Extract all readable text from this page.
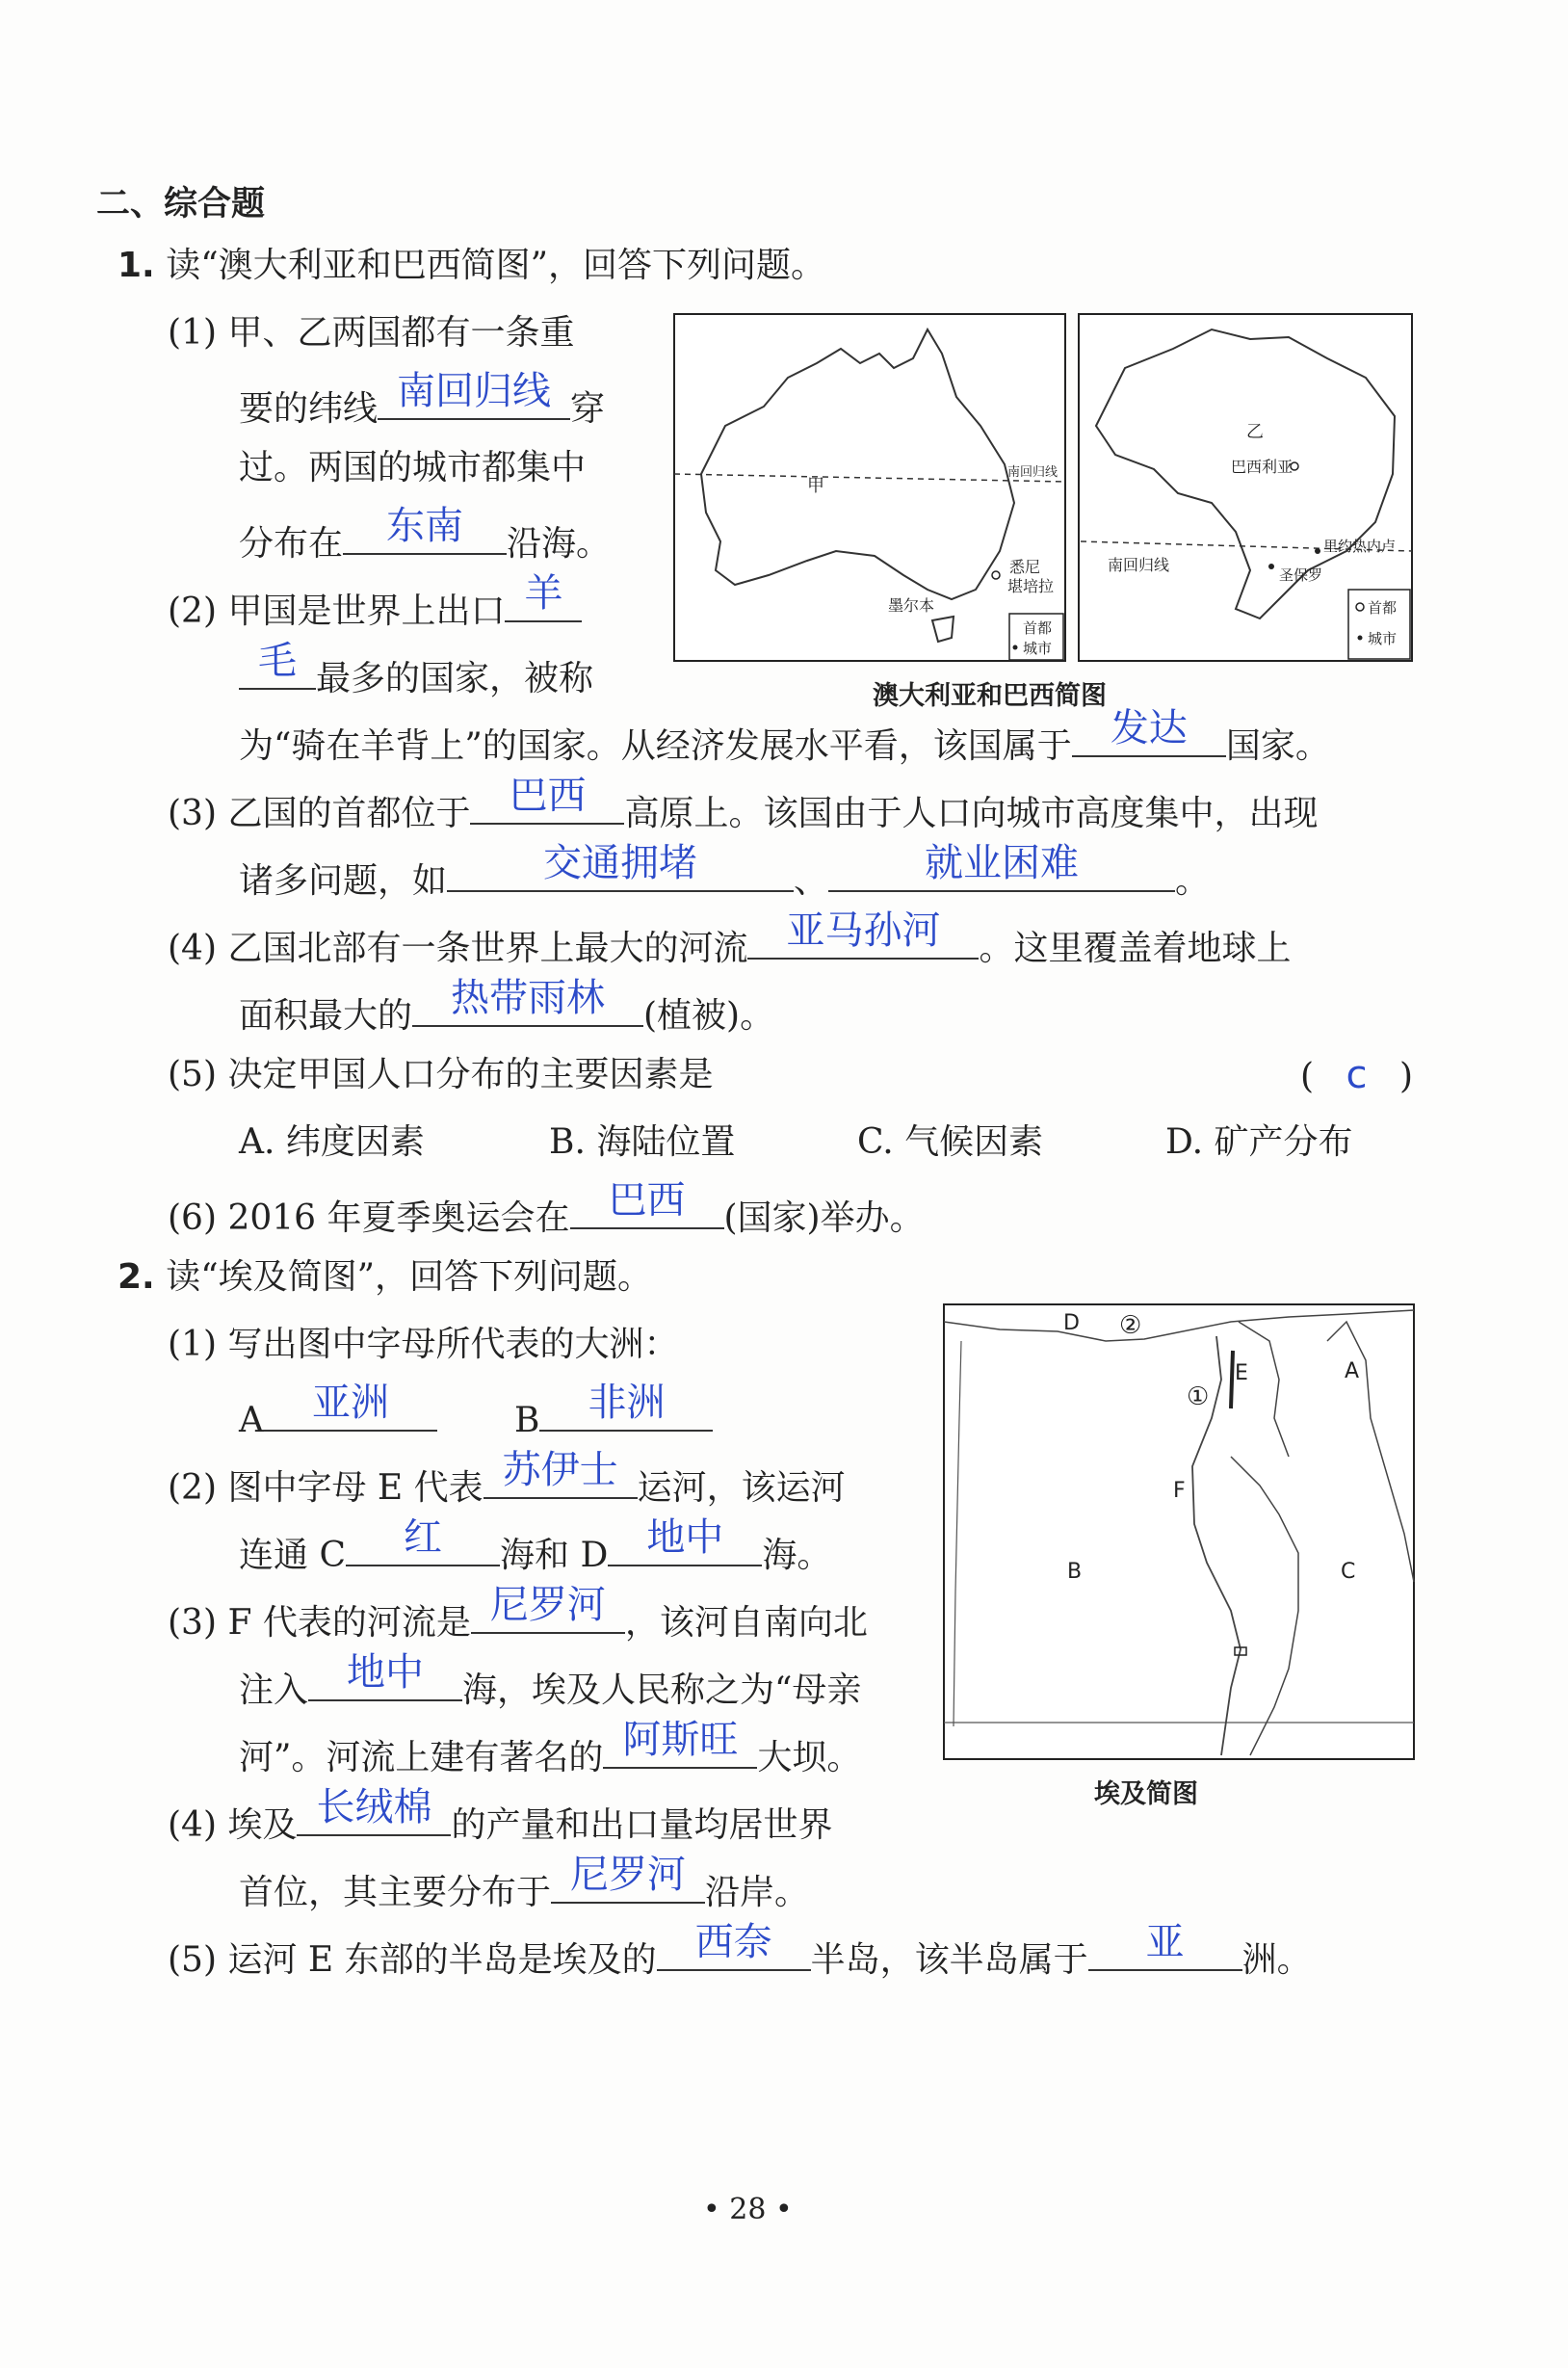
二、综合题
1. 读“澳大利亚和巴西简图”，回答下列问题。
(1) 甲、乙两国都有一条重
要的纬线 南回归线 穿
过。两国的城市都集中
分布在	东南	沿海。
(2) 甲国是世界上出口 羊
毛 最多的国家，被称
为“骑在羊背上”的国家。从经济发展水平看，该国属于	发达	国家。
(3) 乙国的首都位于	巴西	高原上。该国由于人口向城市高度集中，出现
诸多问题，如	交通拥堵	、	就业困难	。
(4) 乙国北部有一条世界上最大的河流	亚马孙河	。这里覆盖着地球上
面积最大的	热带雨林	(植被)。
(5) 决定甲国人口分布的主要因素是	( c )
A. 纬度因素	B. 海陆位置	C. 气候因素	D. 矿产分布
(6) 2016 年夏季奥运会在	巴西	(国家)举办。
甲
南回归线
悉尼
堪培拉
墨尔本
首都
城市
乙
巴西利亚
南回归线
里约热内卢
圣保罗
首都
城市
澳大利亚和巴西简图
2. 读“埃及简图”，回答下列问题。
(1) 写出图中字母所代表的大洲：
A	亚洲	B	非洲
(2) 图中字母 E 代表 苏伊士 运河，该运河
连通 C	红	海和 D	地中	海。
(3) F 代表的河流是 尼罗河 ，该河自南向北
注入	地中	海，埃及人民称之为“母亲
河”。河流上建有著名的 阿斯旺 大坝。
(4) 埃及 长绒棉 的产量和出口量均居世界
首位，其主要分布于 尼罗河 沿岸。
(5) 运河 E 东部的半岛是埃及的	西奈	半岛，该半岛属于	亚	洲。
A
B	C
D
E
F
①
②
埃及简图
• 28 •
